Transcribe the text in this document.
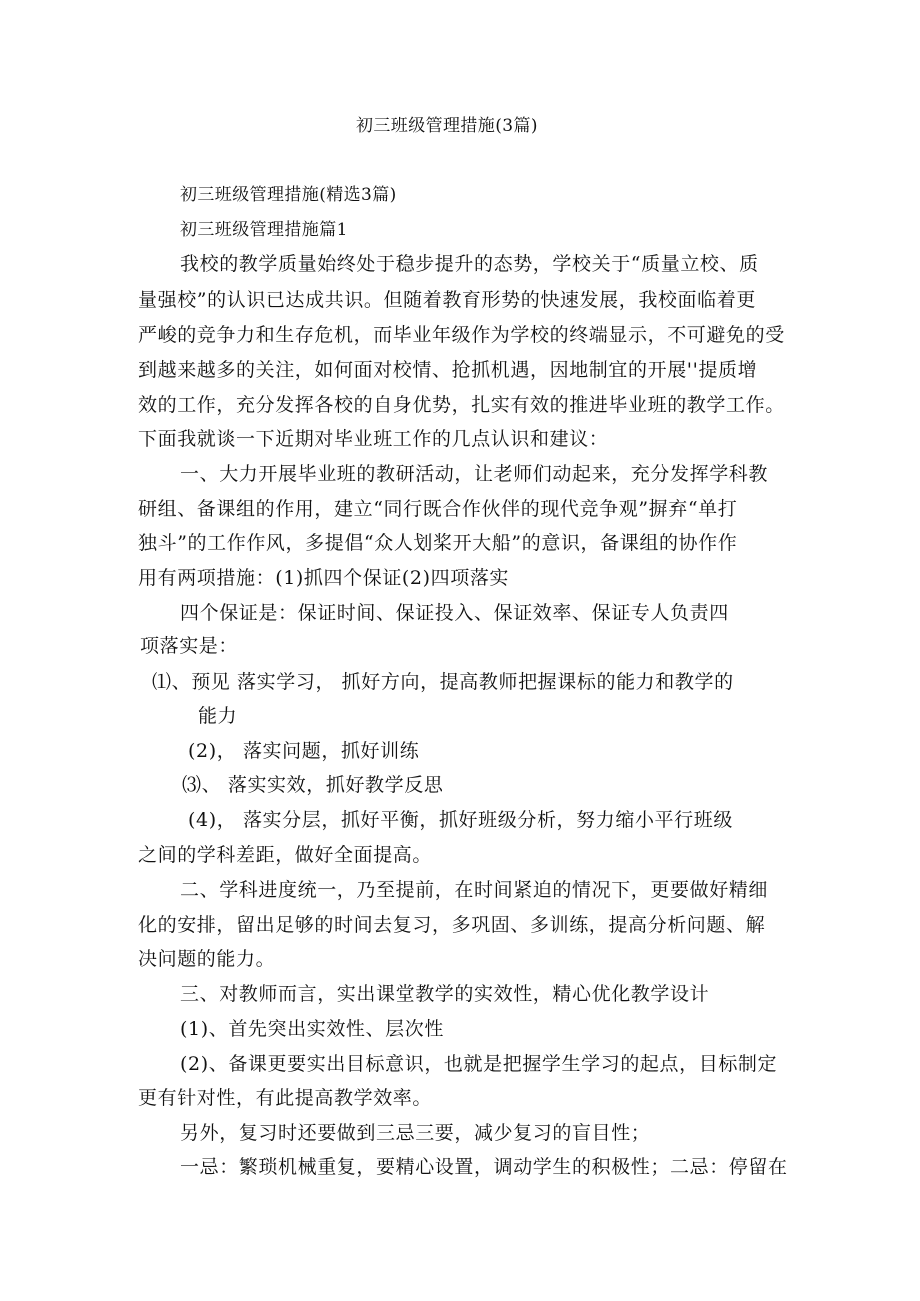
初三班级管理措施(3篇)
初三班级管理措施(精选3篇)
初三班级管理措施篇1
我校的教学质量始终处于稳步提升的态势，学校关于“质量立校、质
量强校”的认识已达成共识。但随着教育形势的快速发展，我校面临着更
严峻的竞争力和生存危机，而毕业年级作为学校的终端显示，不可避免的受
到越来越多的关注，如何面对校情、抢抓机遇，因地制宜的开展''提质增
效的工作，充分发挥各校的自身优势，扎实有效的推进毕业班的教学工作。
下面我就谈一下近期对毕业班工作的几点认识和建议：
一、大力开展毕业班的教研活动，让老师们动起来，充分发挥学科教
研组、备课组的作用，建立“同行既合作伙伴的现代竞争观”摒弃“单打
独斗”的工作作风，多提倡“众人划桨开大船”的意识，备课组的协作作
用有两项措施：(1)抓四个保证(2)四项落实
四个保证是：保证时间、保证投入、保证效率、保证专人负责四
项落实是：
⑴、预见 落实学习， 抓好方向，提高教师把握课标的能力和教学的
能力
(2)， 落实问题，抓好训练
⑶、 落实实效，抓好教学反思
(4)， 落实分层，抓好平衡，抓好班级分析，努力缩小平行班级
之间的学科差距，做好全面提高。
二、学科进度统一，乃至提前，在时间紧迫的情况下，更要做好精细
化的安排，留出足够的时间去复习，多巩固、多训练，提高分析问题、解
决问题的能力。
三、对教师而言，实出课堂教学的实效性，精心优化教学设计
(1)、首先突出实效性、层次性
(2)、备课更要实出目标意识，也就是把握学生学习的起点，目标制定
更有针对性，有此提高教学效率。
另外，复习时还要做到三忌三要，减少复习的盲目性；
一忌：繁琐机械重复，要精心设置，调动学生的积极性；二忌：停留在
